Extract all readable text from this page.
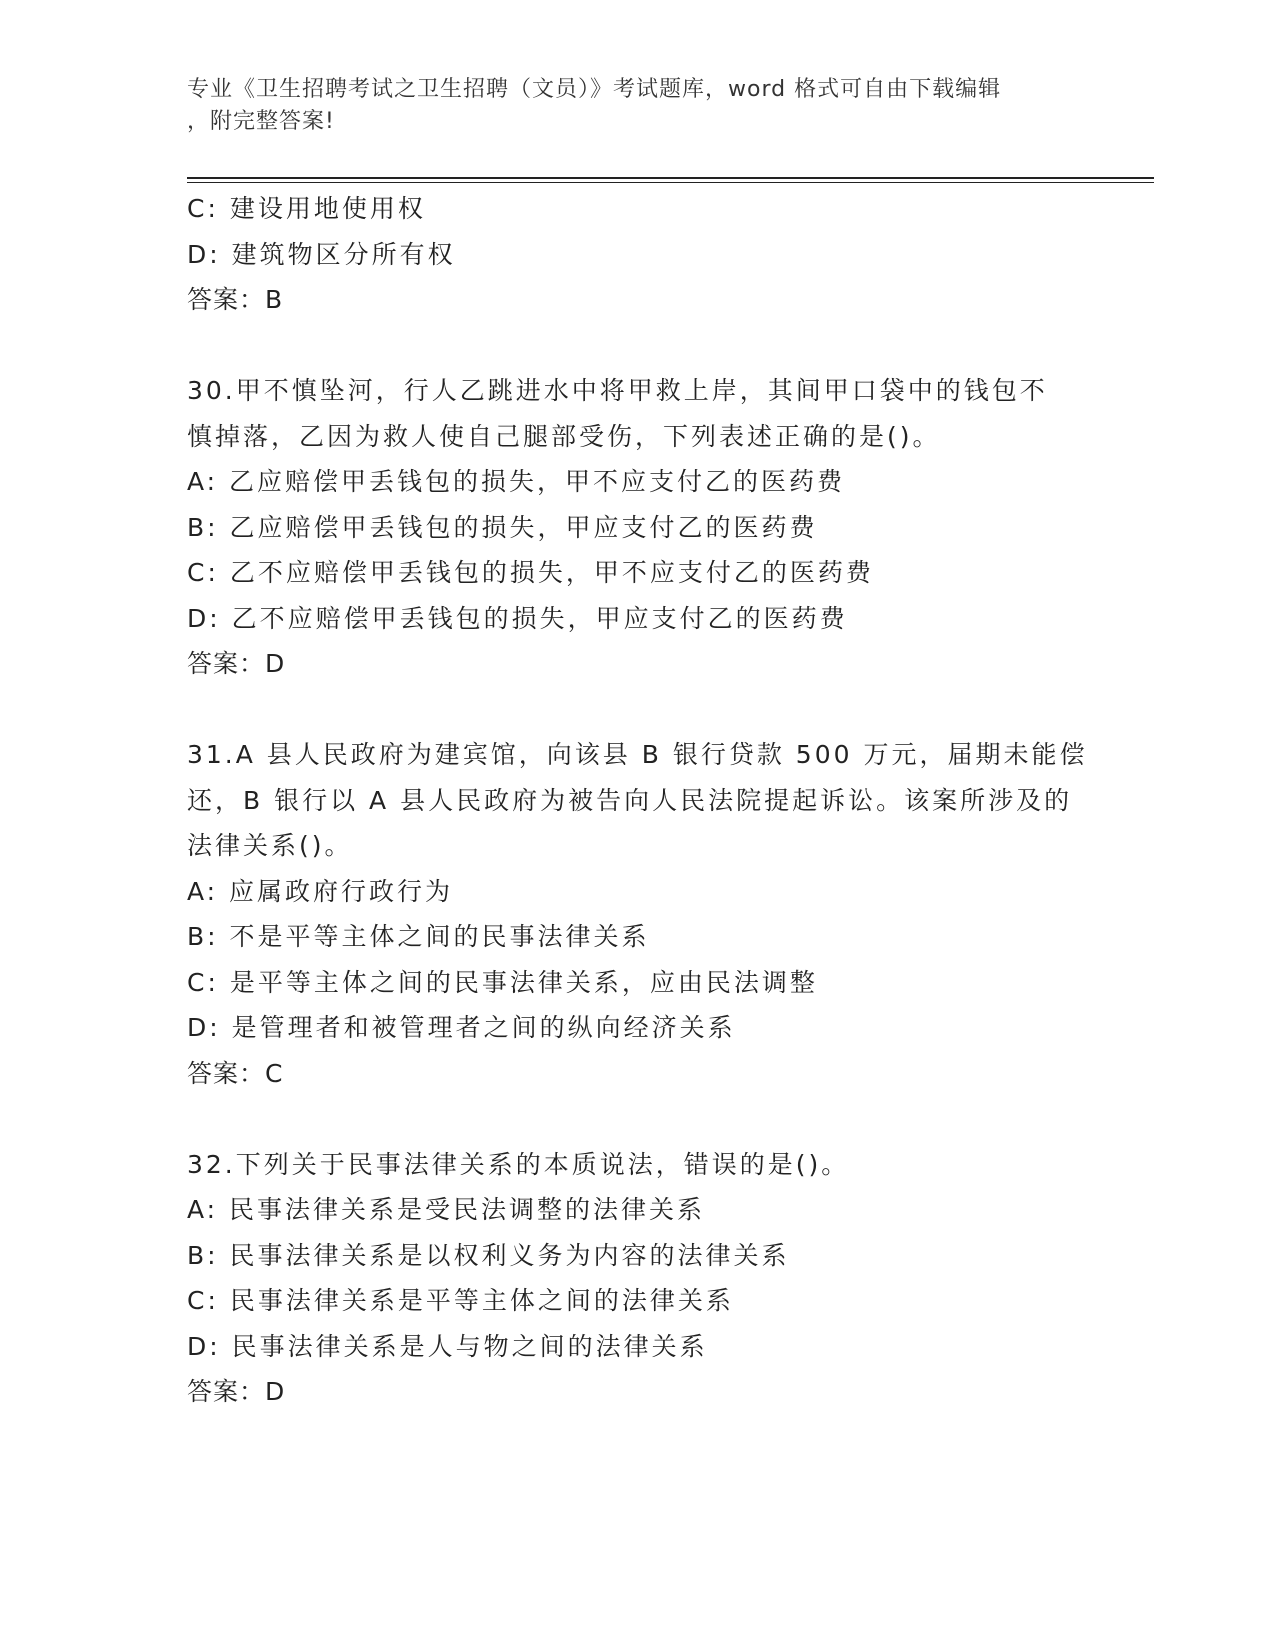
专业《卫生招聘考试之卫生招聘（文员）》考试题库，word 格式可自由下载编辑
，附完整答案!
C: 建设用地使用权
D: 建筑物区分所有权
答案：B
30.甲不慎坠河，行人乙跳进水中将甲救上岸，其间甲口袋中的钱包不
慎掉落，乙因为救人使自己腿部受伤，下列表述正确的是()。
A: 乙应赔偿甲丢钱包的损失，甲不应支付乙的医药费
B: 乙应赔偿甲丢钱包的损失，甲应支付乙的医药费
C: 乙不应赔偿甲丢钱包的损失，甲不应支付乙的医药费
D: 乙不应赔偿甲丢钱包的损失，甲应支付乙的医药费
答案：D
31.A 县人民政府为建宾馆，向该县 B 银行贷款 500 万元，届期未能偿
还，B 银行以 A 县人民政府为被告向人民法院提起诉讼。该案所涉及的
法律关系()。
A: 应属政府行政行为
B: 不是平等主体之间的民事法律关系
C: 是平等主体之间的民事法律关系，应由民法调整
D: 是管理者和被管理者之间的纵向经济关系
答案：C
32.下列关于民事法律关系的本质说法，错误的是()。
A: 民事法律关系是受民法调整的法律关系
B: 民事法律关系是以权利义务为内容的法律关系
C: 民事法律关系是平等主体之间的法律关系
D: 民事法律关系是人与物之间的法律关系
答案：D
